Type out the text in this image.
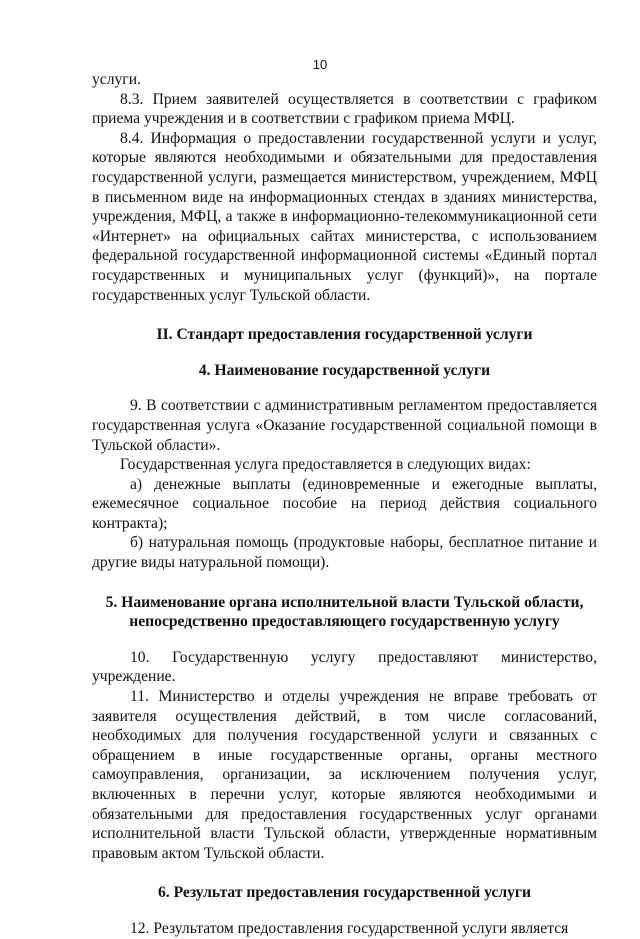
10

услуги.

8.3. Прием заявителей осуществляется в соответствии с графиком приема учреждения и в соответствии с графиком приема МФЦ.

8.4. Информация о предоставлении государственной услуги и услуг, которые являются необходимыми и обязательными для предоставления государственной услуги, размещается министерством, учреждением, МФЦ в письменном виде на информационных стендах в зданиях министерства, учреждения, МФЦ, а также в информационно-телекоммуникационной сети «Интернет» на официальных сайтах министерства, с использованием федеральной государственной информационной системы «Единый портал государственных и муниципальных услуг (функций)», на портале государственных услуг Тульской области.

II. Стандарт предоставления государственной услуги
4. Наименование государственной услуги

9. В соответствии с административным регламентом предоставляется государственная услуга «Оказание государственной социальной помощи в Тульской области».

Государственная услуга предоставляется в следующих видах:

а) денежные выплаты (единовременные и ежегодные выплаты, ежемесячное социальное пособие на период действия социального контракта);

б) натуральная помощь (продуктовые наборы, бесплатное питание и другие виды натуральной помощи).

5. Наименование органа исполнительной власти Тульской области,
непосредственно предоставляющего государственную услугу

10. Государственную услугу предоставляют министерство, учреждение.

11. Министерство и отделы учреждения не вправе требовать от заявителя осуществления действий, в том числе согласований, необходимых для получения государственной услуги и связанных с обращением в иные государственные органы, органы местного самоуправления, организации, за исключением получения услуг, включенных в перечни услуг, которые являются необходимыми и обязательными для предоставления государственных услуг органами исполнительной власти Тульской области, утвержденные нормативным правовым актом Тульской области.

6. Результат предоставления государственной услуги

12. Результатом предоставления государственной услуги является
